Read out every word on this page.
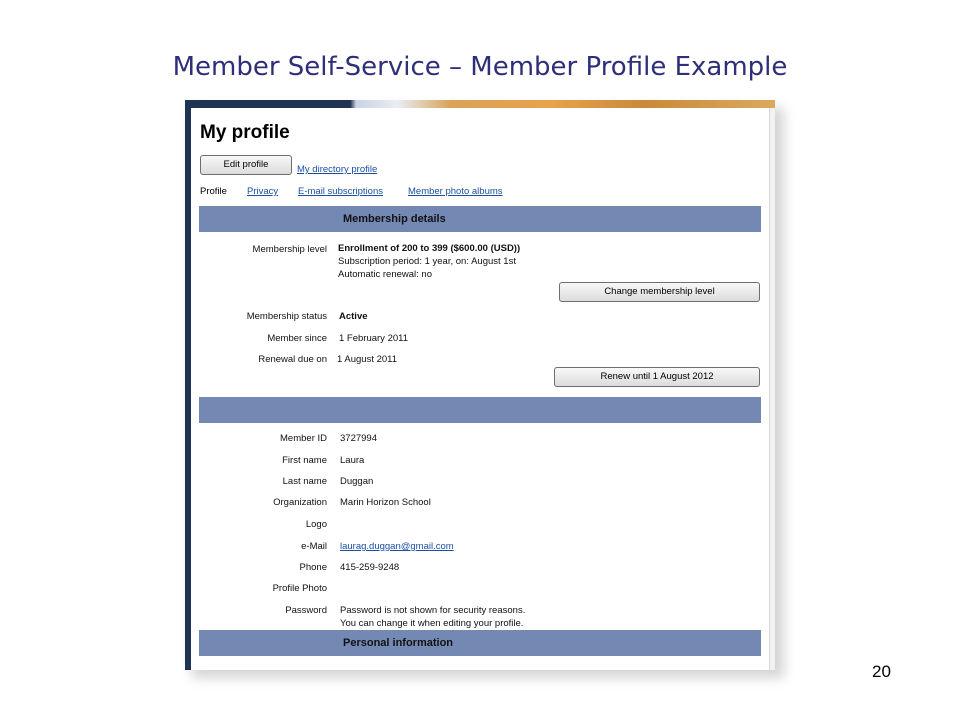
Member Self-Service – Member Profile Example
My profile
Edit profile	My directory profile
Profile Privacy E-mail subscriptions	Member photo albums
Membership details
Membership level Enrollment of 200 to 399 ($600.00 (USD))
Subscription period: 1 year, on: August 1st
Automatic renewal: no
Change membership level
Membership status Active
Member since 1 February 2011
Renewal due on 1 August 2011
Renew until 1 August 2012
Member ID 3727994
First name Laura
Last name Duggan
Organization Marin Horizon School
Logo
e-Mail laurag.duggan@gmail.com
Phone 415-259-9248
Profile Photo
Password Password is not shown for security reasons.
You can change it when editing your profile.
Personal information
20
